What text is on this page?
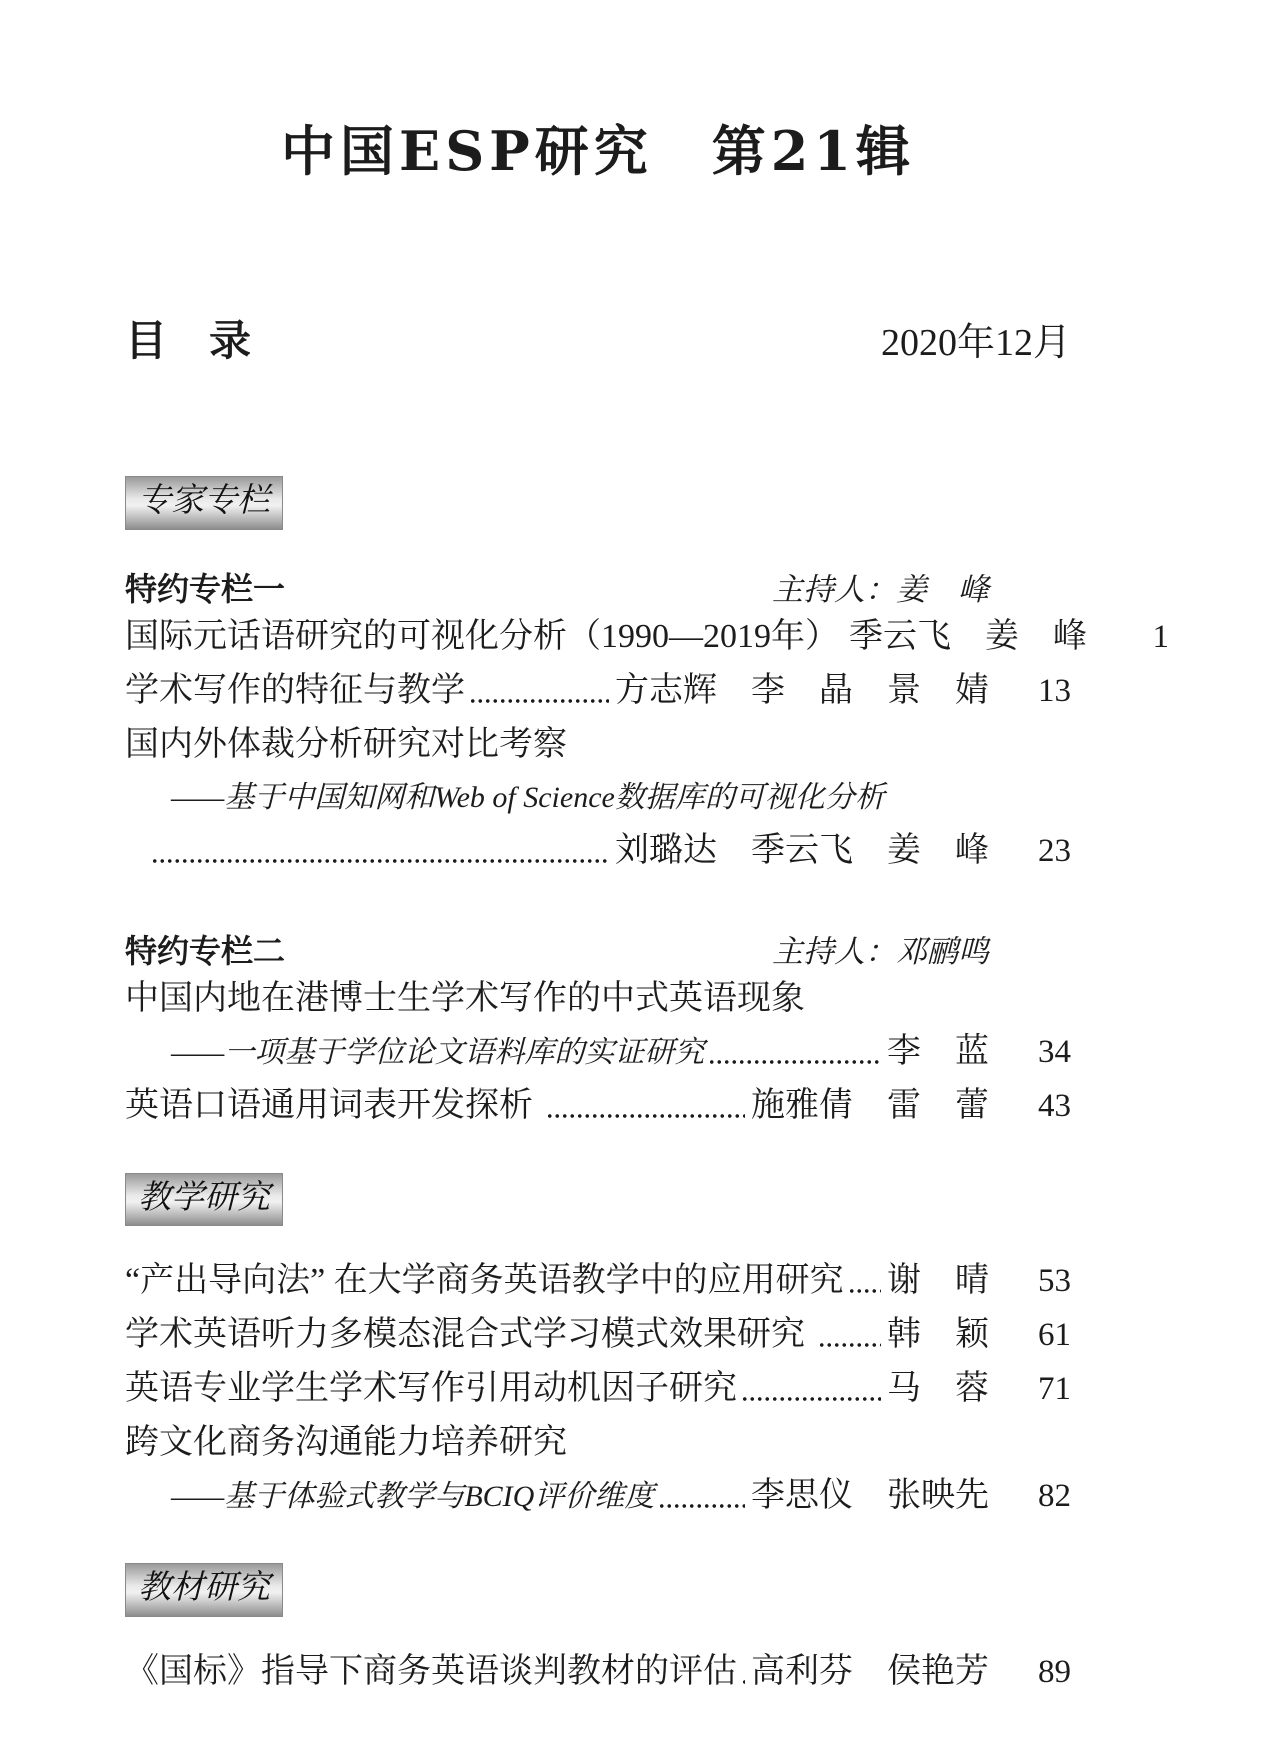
中国ESP研究　第21辑
目　录	2020年12月
专家专栏
特约专栏一	主持人：姜　峰
国际元话语研究的可视化分析（1990—2019年） 季云飞　姜　峰	1
学术写作的特征与教学	方志辉　李　晶　景　婧	13
国内外体裁分析研究对比考察
——基于中国知网和Web of Science数据库的可视化分析
刘璐达　季云飞　姜　峰	23
特约专栏二	主持人：邓鹂鸣
中国内地在港博士生学术写作的中式英语现象
——一项基于学位论文语料库的实证研究	李　蓝	34
英语口语通用词表开发探析	施雅倩　雷　蕾	43
教学研究
“产出导向法” 在大学商务英语教学中的应用研究 谢　晴	53
学术英语听力多模态混合式学习模式效果研究 韩　颖	61
英语专业学生学术写作引用动机因子研究	马　蓉	71
跨文化商务沟通能力培养研究
——基于体验式教学与BCIQ评价维度	李思仪　张映先	82
教材研究
《国标》指导下商务英语谈判教材的评估 高利芬　侯艳芳	89
